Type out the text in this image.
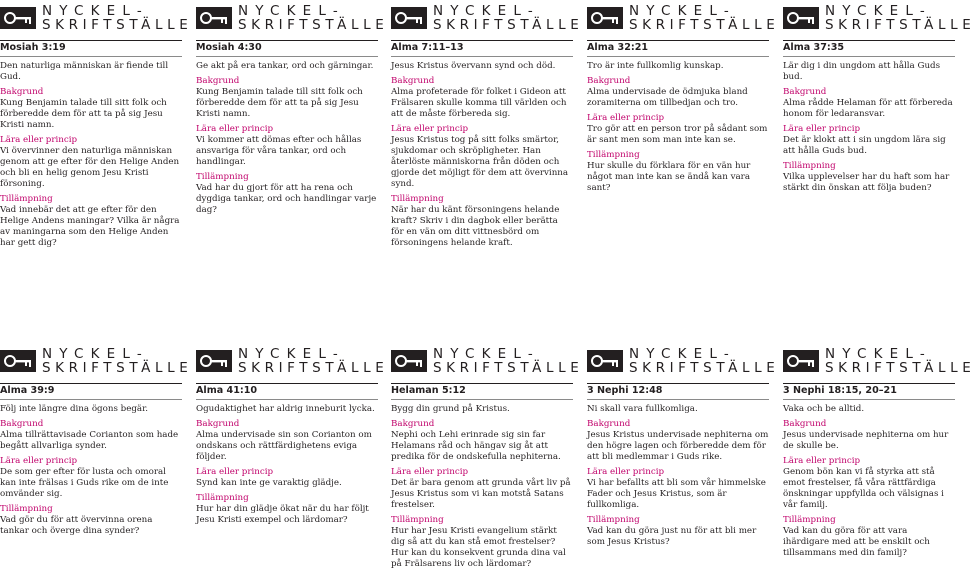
NYCKEL-
SKRIFTSTÄLLE
Mosiah 3:19

Den naturliga människan är fiende till Gud.

Bakgrund

Kung Benjamin talade till sitt folk och förberedde dem för att ta på sig Jesu Kristi namn.

Lära eller princip

Vi övervinner den naturliga människan genom att ge efter för den Helige Anden och bli en helig genom Jesu Kristi försoning.

Tillämpning

Vad innebär det att ge efter för den Helige Andens maningar? Vilka är några av maningarna som den Helige Anden har gett dig?

NYCKEL-
SKRIFTSTÄLLE
Mosiah 4:30

Ge akt på era tankar, ord och gärningar.

Bakgrund

Kung Benjamin talade till sitt folk och förberedde dem för att ta på sig Jesu Kristi namn.

Lära eller princip

Vi kommer att dömas efter och hållas ansvariga för våra tankar, ord och handlingar.

Tillämpning

Vad har du gjort för att ha rena och dygdiga tankar, ord och handlingar varje dag?

NYCKEL-
SKRIFTSTÄLLE
Alma 7:11–13

Jesus Kristus övervann synd och död.

Bakgrund

Alma profeterade för folket i Gideon att Frälsaren skulle komma till världen och att de måste förbereda sig.

Lära eller princip

Jesus Kristus tog på sitt folks smärtor, sjukdomar och skröpligheter. Han återlöste människorna från döden och gjorde det möjligt för dem att övervinna synd.

Tillämpning

När har du känt försoningens helande kraft? Skriv i din dagbok eller berätta för en vän om ditt vittnesbörd om försoningens helande kraft.

NYCKEL-
SKRIFTSTÄLLE
Alma 32:21

Tro är inte fullkomlig kunskap.

Bakgrund

Alma undervisade de ödmjuka bland zoramiterna om tillbedjan och tro.

Lära eller princip

Tro gör att en person tror på sådant som är sant men som man inte kan se.

Tillämpning

Hur skulle du förklara för en vän hur något man inte kan se ändå kan vara sant?

NYCKEL-
SKRIFTSTÄLLE
Alma 37:35

Lär dig i din ungdom att hålla Guds bud.

Bakgrund

Alma rådde Helaman för att förbereda honom för ledaransvar.

Lära eller princip

Det är klokt att i sin ungdom lära sig att hålla Guds bud.

Tillämpning

Vilka upplevelser har du haft som har stärkt din önskan att följa buden?

NYCKEL-
SKRIFTSTÄLLE
Alma 39:9

Följ inte längre dina ögons begär.

Bakgrund

Alma tillrättavisade Corianton som hade begått allvarliga synder.

Lära eller princip

De som ger efter för lusta och omoral kan inte frälsas i Guds rike om de inte omvänder sig.

Tillämpning

Vad gör du för att övervinna orena tankar och överge dina synder?

NYCKEL-
SKRIFTSTÄLLE
Alma 41:10

Ogudaktighet har aldrig inneburit lycka.

Bakgrund

Alma undervisade sin son Corianton om ondskans och rättfärdighetens eviga följder.

Lära eller princip

Synd kan inte ge varaktig glädje.

Tillämpning

Hur har din glädje ökat när du har följt Jesu Kristi exempel och lärdomar?

NYCKEL-
SKRIFTSTÄLLE
Helaman 5:12

Bygg din grund på Kristus.

Bakgrund

Nephi och Lehi erinrade sig sin far Helamans råd och hängav sig åt att predika för de ondskefulla nephiterna.

Lära eller princip

Det är bara genom att grunda vårt liv på Jesus Kristus som vi kan motstå Satans frestelser.

Tillämpning

Hur har Jesu Kristi evangelium stärkt dig så att du kan stå emot frestelser? Hur kan du konsekvent grunda dina val på Frälsarens liv och lärdomar?

NYCKEL-
SKRIFTSTÄLLE
3 Nephi 12:48

Ni skall vara fullkomliga.

Bakgrund

Jesus Kristus undervisade nephiterna om den högre lagen och förberedde dem för att bli medlemmar i Guds rike.

Lära eller princip

Vi har befallts att bli som vår himmelske Fader och Jesus Kristus, som är fullkomliga.

Tillämpning

Vad kan du göra just nu för att bli mer som Jesus Kristus?

NYCKEL-
SKRIFTSTÄLLE
3 Nephi 18:15, 20–21

Vaka och be alltid.

Bakgrund

Jesus undervisade nephiterna om hur de skulle be.

Lära eller princip

Genom bön kan vi få styrka att stå emot frestelser, få våra rättfärdiga önskningar uppfyllda och välsignas i vår familj.

Tillämpning

Vad kan du göra för att vara ihärdigare med att be enskilt och tillsammans med din familj?
